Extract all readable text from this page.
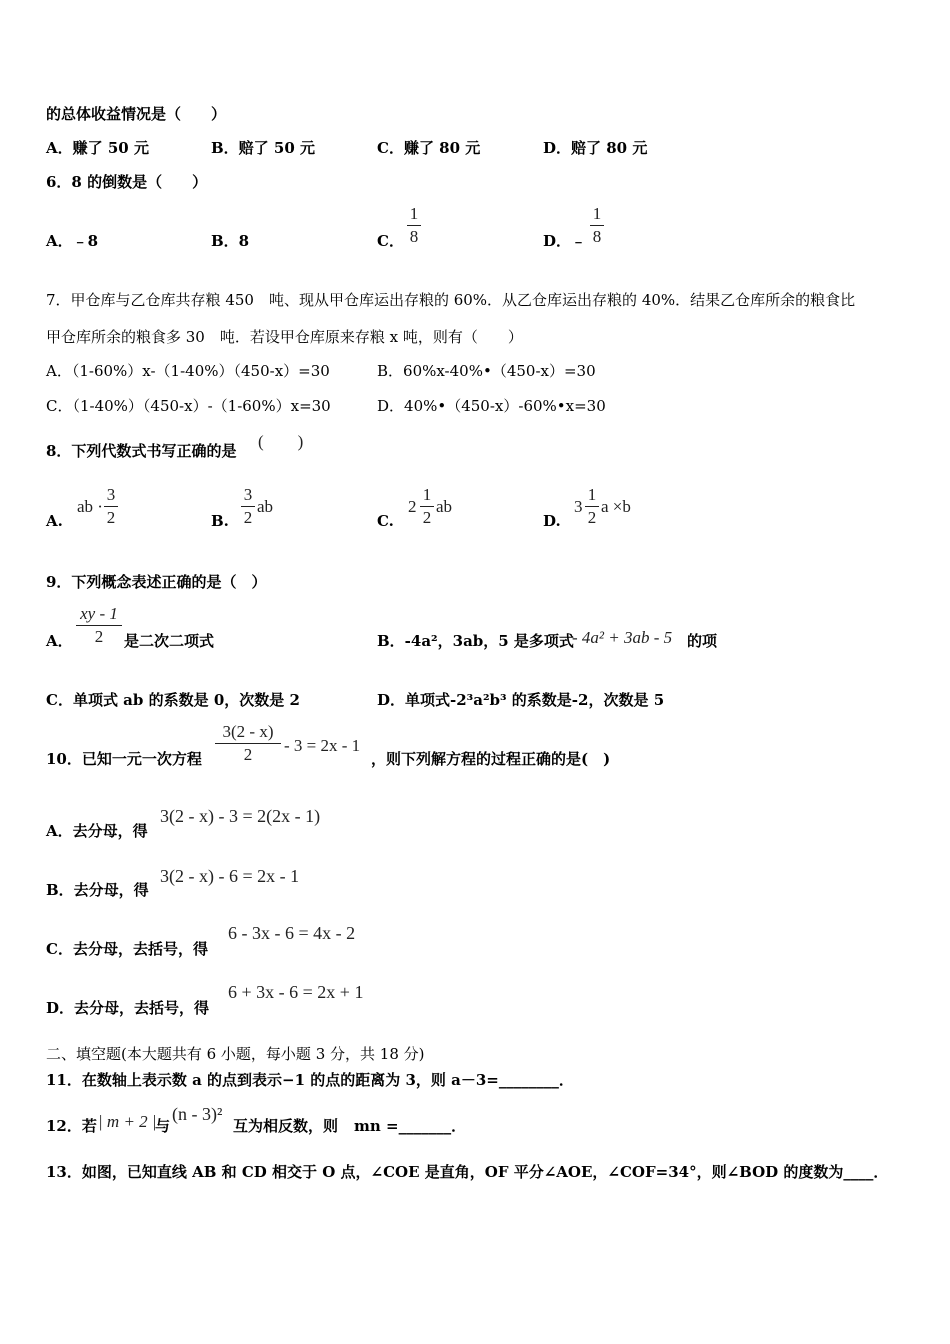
的总体收益情况是（　　）
A．赚了 50 元	B．赔了 50 元	C．赚了 80 元	D．赔了 80 元
6．8 的倒数是（　　）
A．﹣8	B．8	C．
1
8	D．﹣
1
8
7．甲仓库与乙仓库共存粮 450　吨、现从甲仓库运出存粮的 60%．从乙仓库运出存粮的 40%．结果乙仓库所余的粮食比
甲仓库所余的粮食多 30　吨．若设甲仓库原来存粮 x 吨，则有（　　）
A．（1-60%）x-（1-40%）（450-x）=30	B．60%x-40%•（450-x）=30
C．（1-40%）（450-x）-（1-60%）x=30	D．40%•（450-x）-60%•x=30
8．下列代数式书写正确的是 (　　)
A.
ab ·
3
2	B.
3
2
ab
C.
2
1
2
ab
D.
3
1
2
a ×b
9．下列概念表述正确的是（　）
A．
xy - 1
2	是二次二项式	B．-4a²，3ab，5 是多项式
- 4a² + 3ab - 5 的项
C．单项式 ab 的系数是 0，次数是 2	D．单项式-2³a²b³ 的系数是-2，次数是 5
10．已知一元一次方程
3(2 - x)
2	- 3 = 2x - 1
，则下列解方程的过程正确的是(　)
A．去分母，得
3(2 - x) - 3 = 2(2x - 1)
B．去分母，得
3(2 - x) - 6 = 2x - 1
C．去分母，去括号，得
6 - 3x - 6 = 4x - 2
D．去分母，去括号，得
6 + 3x - 6 = 2x + 1
二、填空题(本大题共有 6 小题，每小题 3 分，共 18 分)
11．在数轴上表示数 a 的点到表示−1 的点的距离为 3，则 a－3=________．
12．若 | m + 2 |
与
(n - 3)²
互为相反数，则 mn =_______．
13．如图，已知直线 AB 和 CD 相交于 O 点，∠COE 是直角，OF 平分∠AOE，∠COF=34°，则∠BOD 的度数为____．
